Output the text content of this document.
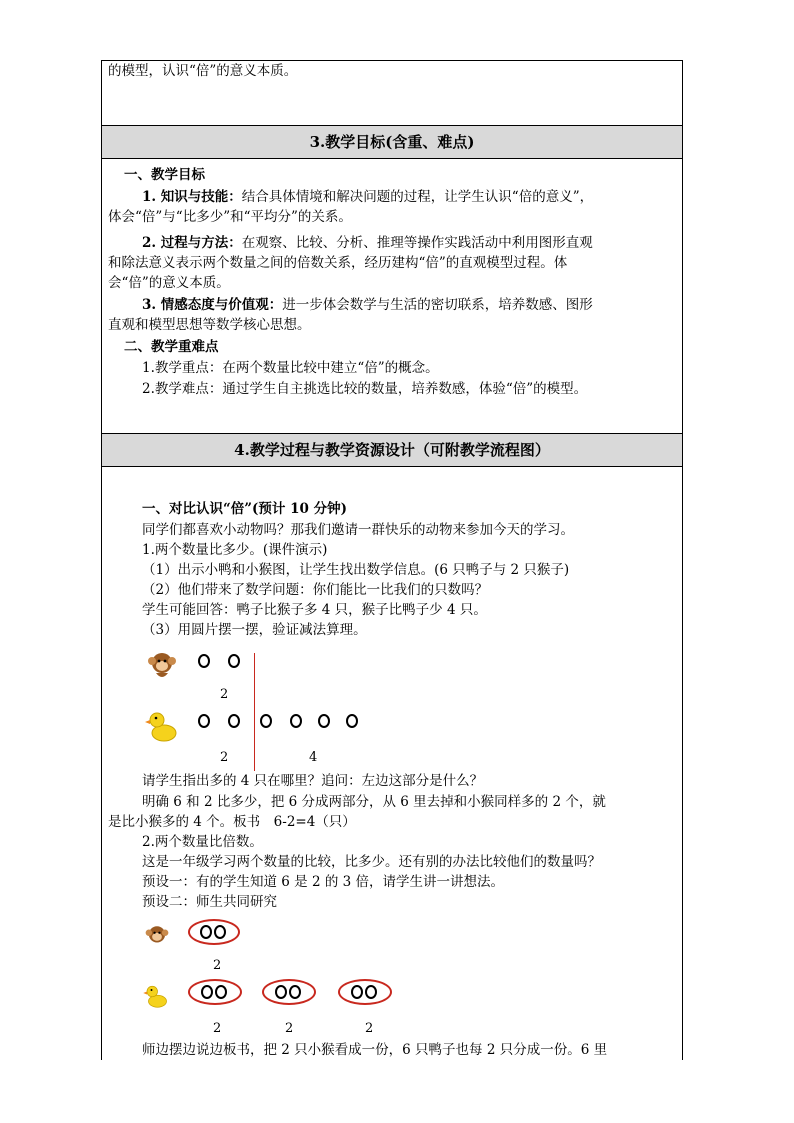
的模型，认识“倍”的意义本质。
3.教学目标(含重、难点)
一、教学目标
1. 知识与技能：结合具体情境和解决问题的过程，让学生认识“倍的意义”，
体会“倍”与“比多少”和“平均分”的关系。
2. 过程与方法：在观察、比较、分析、推理等操作实践活动中利用图形直观
和除法意义表示两个数量之间的倍数关系，经历建构“倍”的直观模型过程。体
会“倍”的意义本质。
3. 情感态度与价值观：进一步体会数学与生活的密切联系，培养数感、图形
直观和模型思想等数学核心思想。
二、教学重难点
1.教学重点：在两个数量比较中建立“倍”的概念。
2.教学难点：通过学生自主挑选比较的数量，培养数感，体验“倍”的模型。
4.教学过程与教学资源设计（可附教学流程图）
一、对比认识“倍”(预计 10 分钟)
同学们都喜欢小动物吗？那我们邀请一群快乐的动物来参加今天的学习。
1.两个数量比多少。(课件演示)
（1）出示小鸭和小猴图，让学生找出数学信息。(6 只鸭子与 2 只猴子)
（2）他们带来了数学问题：你们能比一比我们的只数吗？
学生可能回答：鸭子比猴子多 4 只，猴子比鸭子少 4 只。
（3）用圆片摆一摆，验证减法算理。
2
2	4
请学生指出多的 4 只在哪里？追问：左边这部分是什么？
明确 6 和 2 比多少，把 6 分成两部分，从 6 里去掉和小猴同样多的 2 个，就
是比小猴多的 4 个。板书　6-2=4（只）
2.两个数量比倍数。
这是一年级学习两个数量的比较，比多少。还有别的办法比较他们的数量吗？
预设一：有的学生知道 6 是 2 的 3 倍，请学生讲一讲想法。
预设二：师生共同研究
2
2	2	2
师边摆边说边板书，把 2 只小猴看成一份，6 只鸭子也每 2 只分成一份。6 里
